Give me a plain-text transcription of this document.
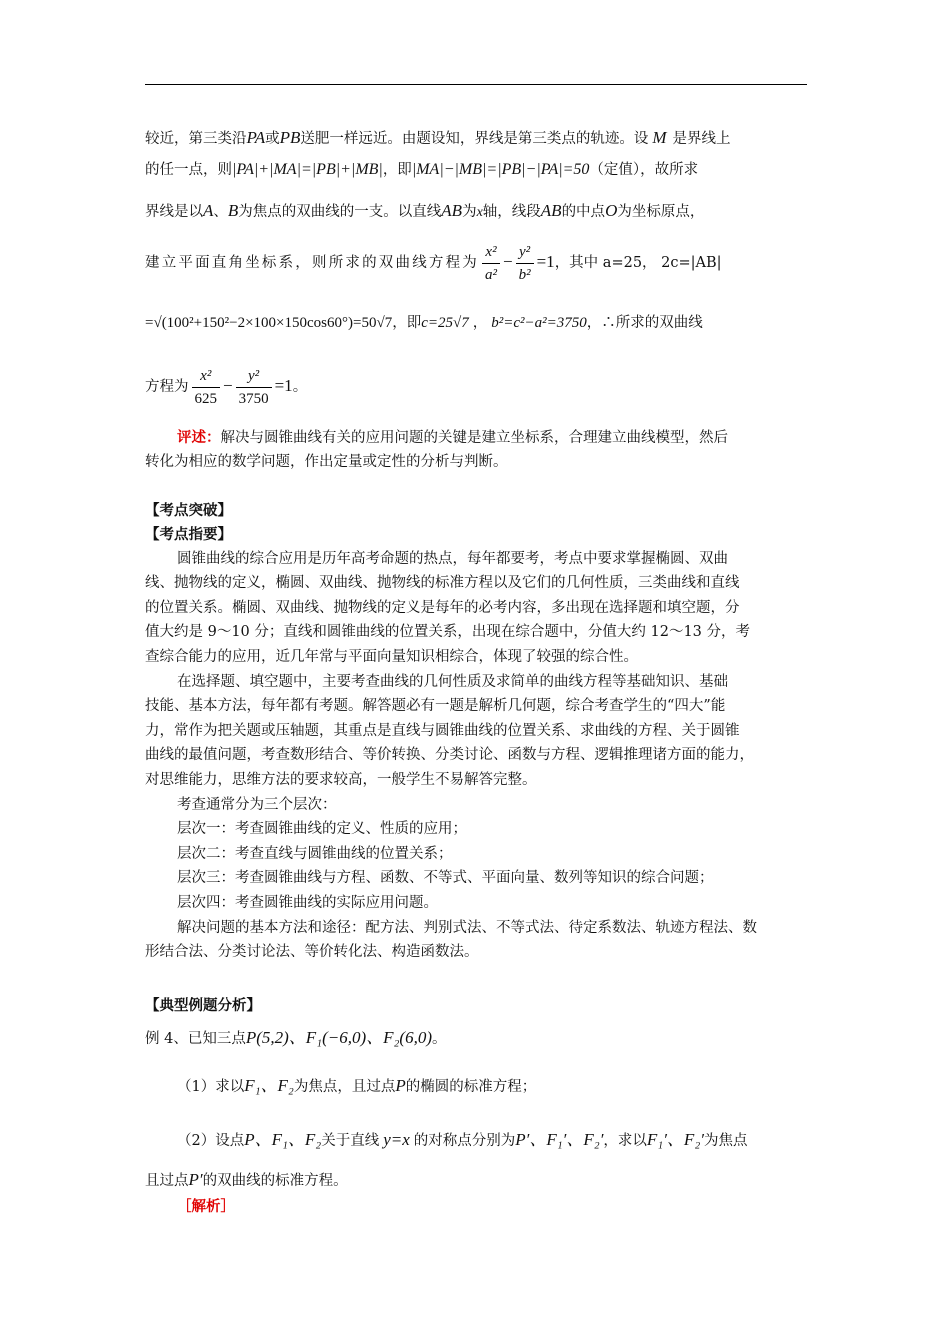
较近，第三类沿PA或PB送肥一样远近。由题设知，界线是第三类点的轨迹。设 M 是界线上
的任一点，则|PA|+|MA|=|PB|+|MB|，即|MA|−|MB|=|PB|−|PA|=50（定值），故所求
界线是以A、B为焦点的双曲线的一支。以直线AB为x轴，线段AB的中点O为坐标原点，
建立平面直角坐标系，则所求的双曲线方程为 $\frac{\text{x²}}{\text{a²}} - \frac{\text{y²}}{\text{b²}} =1$，其中 a=25， 2c=|AB|
=√(100²+150²−2×100×150cos60°)=50√7，即c=25√7 ， b²=c²−a²=3750，∴所求的双曲线
方程为 $\frac{\text{x²}}{625} - \frac{\text{y²}}{3750} =1$。
评述：解决与圆锥曲线有关的应用问题的关键是建立坐标系，合理建立曲线模型，然后
转化为相应的数学问题，作出定量或定性的分析与判断。
【考点突破】
【考点指要】
圆锥曲线的综合应用是历年高考命题的热点，每年都要考，考点中要求掌握椭圆、双曲
线、抛物线的定义，椭圆、双曲线、抛物线的标准方程以及它们的几何性质，三类曲线和直线
的位置关系。椭圆、双曲线、抛物线的定义是每年的必考内容，多出现在选择题和填空题，分
值大约是 9～10 分；直线和圆锥曲线的位置关系，出现在综合题中，分值大约 12～13 分，考
查综合能力的应用，近几年常与平面向量知识相综合，体现了较强的综合性。
在选择题、填空题中，主要考查曲线的几何性质及求简单的曲线方程等基础知识、基础
技能、基本方法，每年都有考题。解答题必有一题是解析几何题，综合考查学生的“四大”能
力，常作为把关题或压轴题，其重点是直线与圆锥曲线的位置关系、求曲线的方程、关于圆锥
曲线的最值问题，考查数形结合、等价转换、分类讨论、函数与方程、逻辑推理诸方面的能力，
对思维能力，思维方法的要求较高，一般学生不易解答完整。
考查通常分为三个层次：
层次一：考查圆锥曲线的定义、性质的应用；
层次二：考查直线与圆锥曲线的位置关系；
层次三：考查圆锥曲线与方程、函数、不等式、平面向量、数列等知识的综合问题；
层次四：考查圆锥曲线的实际应用问题。
解决问题的基本方法和途径：配方法、判别式法、不等式法、待定系数法、轨迹方程法、数
形结合法、分类讨论法、等价转化法、构造函数法。
【典型例题分析】
例 4、已知三点P(5,2)、F₁(−6,0)、F₂(6,0)。
（1）求以F₁、F₂为焦点，且过点P的椭圆的标准方程；
（2）设点P、F₁、F₂关于直线 y=x 的对称点分别为P′、F₁′、F₂′，求以F₁′、F₂′为焦点
且过点P′的双曲线的标准方程。
［解析］
